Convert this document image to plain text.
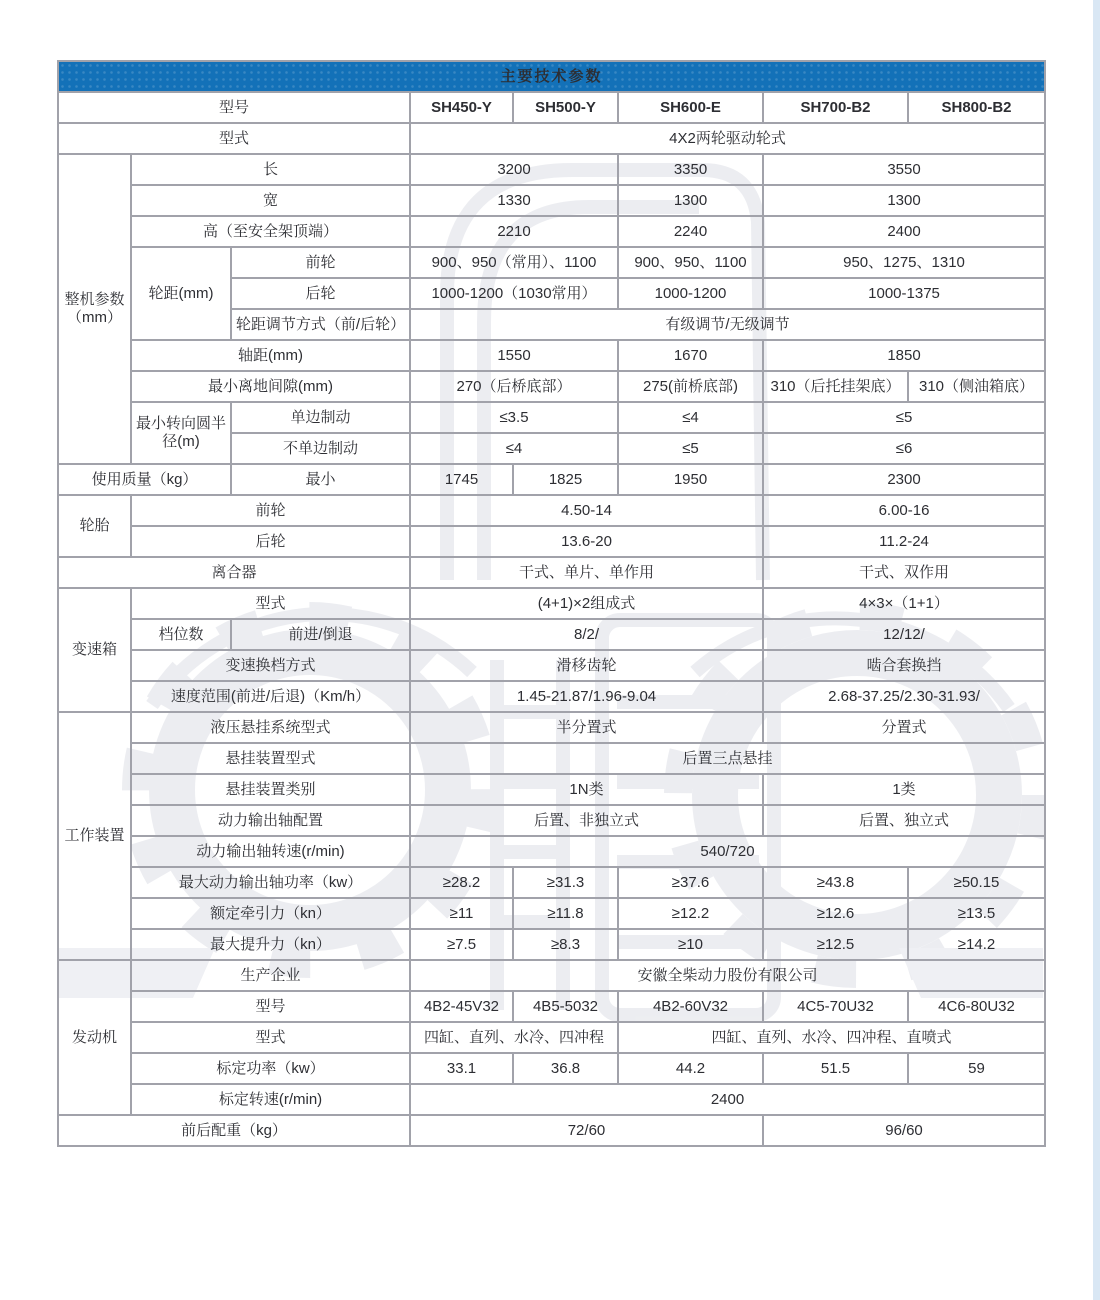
主要技术参数							
型号			SH450-Y	SH500-Y	SH600-E	SH700-B2	SH800-B2
型式			4X2两轮驱动轮式				
整机参数（mm）	长		3200		3350	3550	
	宽		1330		1300	1300	
	高（至安全架顶端）		2210		2240	2400	
	轮距(mm)	前轮	900、950（常用）、1100		900、950、1100	950、1275、1310	
		后轮	1000-1200（1030常用）		1000-1200	1000-1375	
		轮距调节方式（前/后轮）	有级调节/无级调节				
	轴距(mm)		1550		1670	1850	
	最小离地间隙(mm)		270（后桥底部）		275(前桥底部)	310（后托挂架底）	310（侧油箱底）
	最小转向圆半径(m)	单边制动	≤3.5		≤4	≤5	
		不单边制动	≤4		≤5	≤6	
使用质量（kg）		最小	1745	1825	1950	2300	
轮胎	前轮		4.50-14			6.00-16	
	后轮		13.6-20			11.2-24	
离合器			干式、单片、单作用			干式、双作用	
变速箱	型式		(4+1)×2组成式			4×3×（1+1）	
	档位数	前进/倒退	8/2/			12/12/	
	变速换档方式		滑移齿轮			啮合套换挡	
	速度范围(前进/后退)（Km/h）		1.45-21.87/1.96-9.04			2.68-37.25/2.30-31.93/	
工作装置	液压悬挂系统型式		半分置式			分置式	
	悬挂装置型式		后置三点悬挂				
	悬挂装置类别		1N类			1类	
	动力输出轴配置		后置、非独立式			后置、独立式	
	动力输出轴转速(r/min)		540/720				
	最大动力输出轴功率（kw）		≥28.2	≥31.3	≥37.6	≥43.8	≥50.15
	额定牵引力（kn）		≥11	≥11.8	≥12.2	≥12.6	≥13.5
	最大提升力（kn）		≥7.5	≥8.3	≥10	≥12.5	≥14.2
发动机	生产企业		安徽全柴动力股份有限公司				
	型号		4B2-45V32	4B5-5032	4B2-60V32	4C5-70U32	4C6-80U32
	型式		四缸、直列、水冷、四冲程		四缸、直列、水冷、四冲程、直喷式		
	标定功率（kw）		33.1	36.8	44.2	51.5	59
	标定转速(r/min)		2400				
前后配重（kg）			72/60			96/60	
